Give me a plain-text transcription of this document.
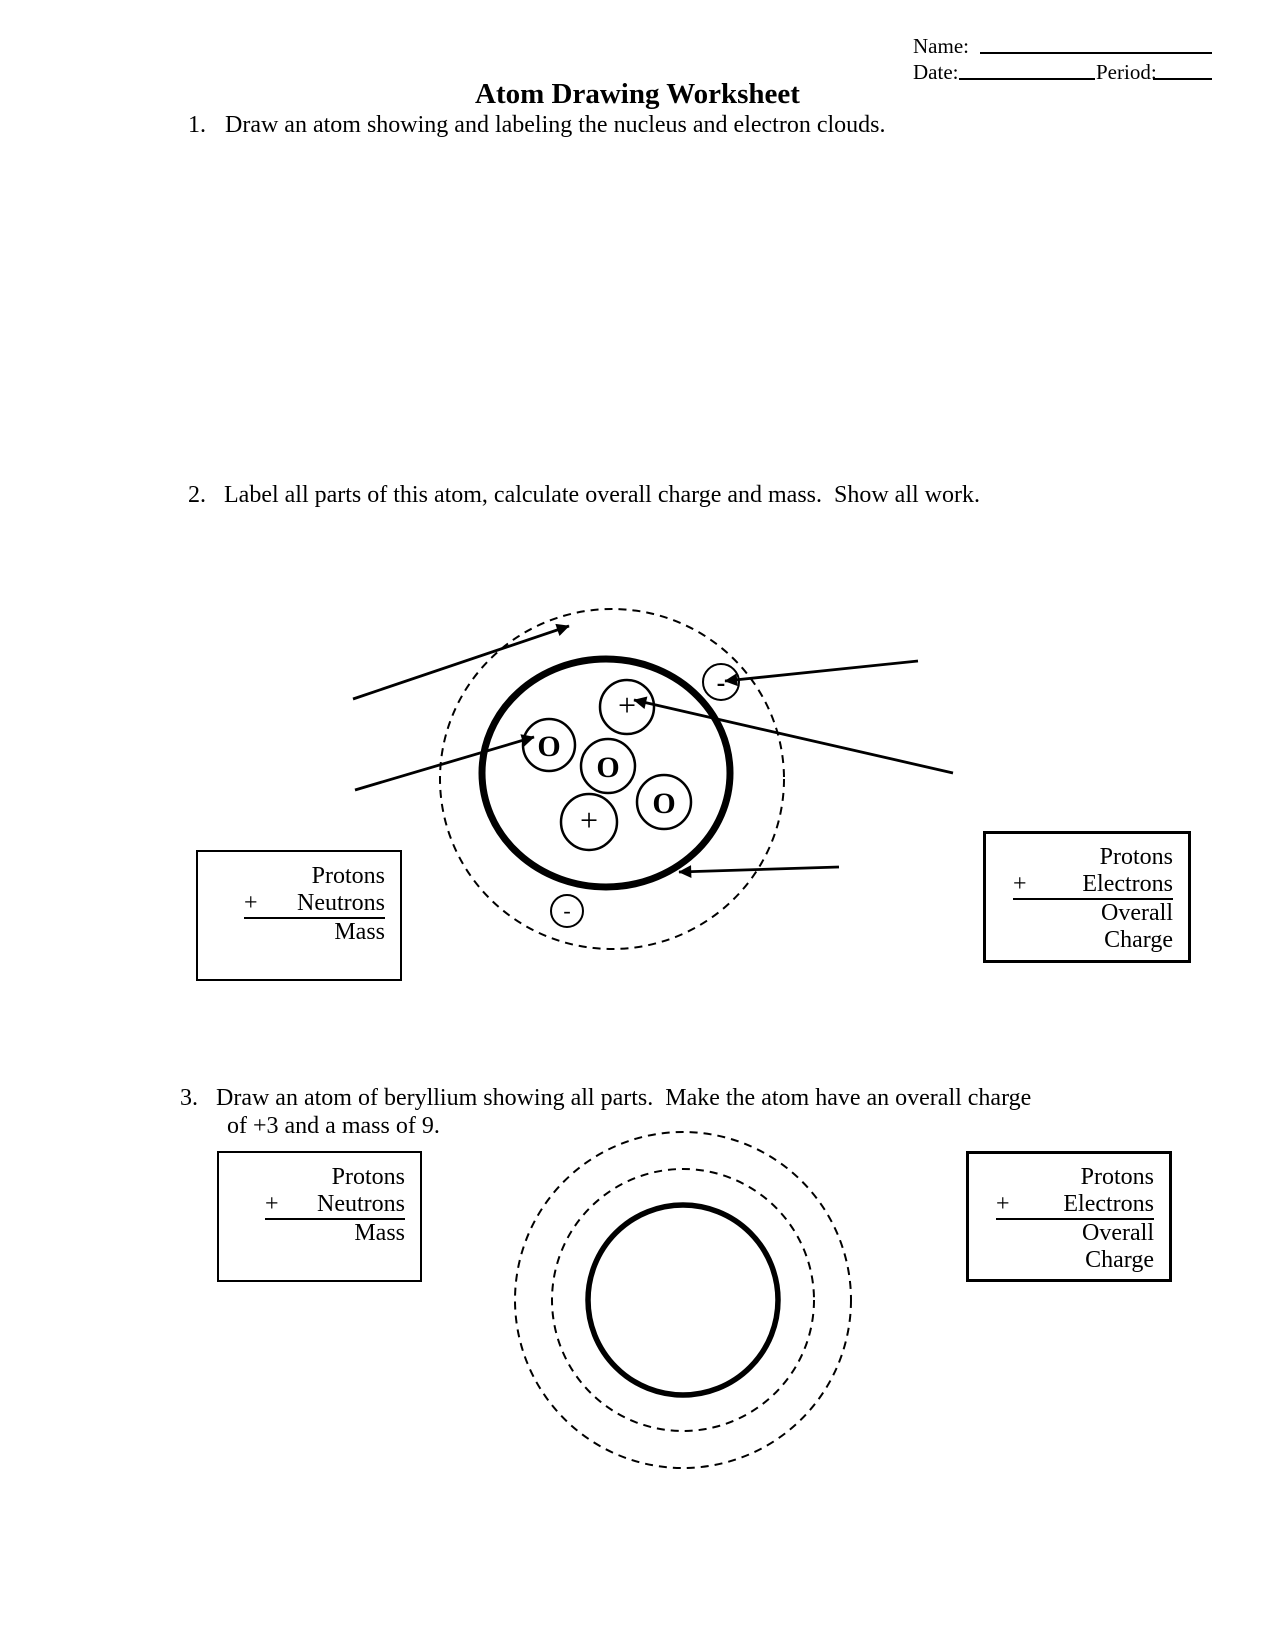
Name:
Date:	Period:
Atom Drawing Worksheet
1. Draw an atom showing and labeling the nucleus and electron clouds.
2. Label all parts of this atom, calculate overall charge and mass.  Show all work.
3. Draw an atom of beryllium showing all parts.  Make the atom have an overall charge
of +3 and a mass of 9.
+
O
O
O
+
-
-
Protons
+ Neutrons
Mass
Protons
+ Electrons
Overall
Charge
Protons
+ Neutrons
Mass
Protons
+ Electrons
Overall
Charge
